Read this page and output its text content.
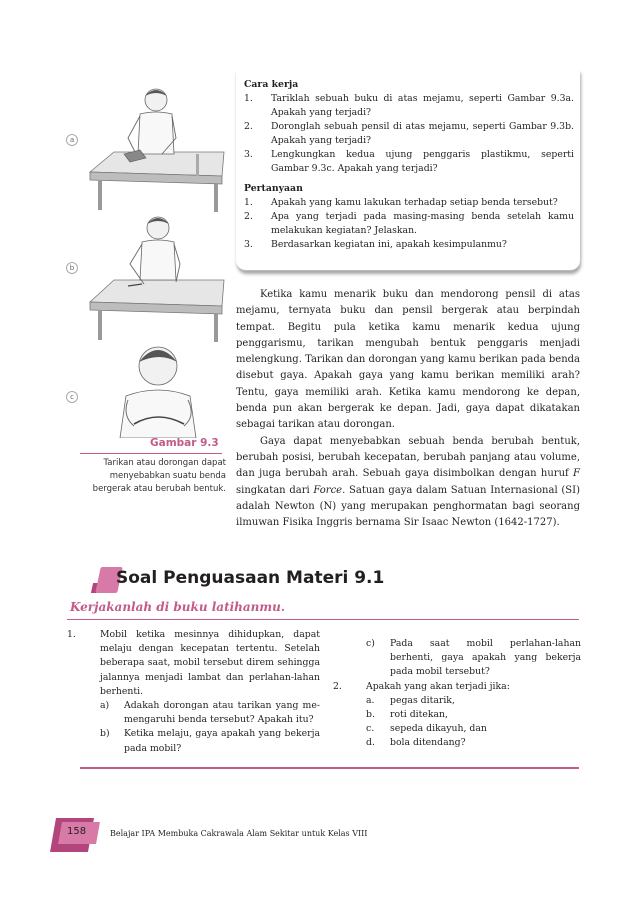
a
b
c
Gambar 9.3
Tarikan atau dorongan dapat menyebabkan suatu benda bergerak atau berubah bentuk.
Cara kerja
1.	Tariklah sebuah buku di atas mejamu, seperti Gambar 9.3a. Apakah yang terjadi?
2.	Doronglah sebuah pensil di atas mejamu, seperti Gambar 9.3b. Apakah yang terjadi?
3.	Lengkungkan kedua ujung penggaris plastikmu, seperti Gambar 9.3c. Apakah yang terjadi?
Pertanyaan
1.	Apakah yang kamu lakukan terhadap setiap benda tersebut?
2.	Apa yang terjadi pada masing-masing benda setelah kamu melakukan kegiatan? Jelaskan.
3.	Berdasarkan kegiatan ini, apakah kesimpulanmu?

Ketika kamu menarik buku dan mendorong pensil di atas mejamu, ternyata buku dan pensil bergerak atau berpindah tempat. Begitu pula ketika kamu menarik kedua ujung penggarismu, tarikan mengubah bentuk penggaris menjadi melengkung. Tarikan dan dorongan yang kamu berikan pada benda disebut gaya. Apakah gaya yang kamu berikan memiliki arah? Tentu, gaya memiliki arah. Ketika kamu mendorong ke depan, benda pun akan bergerak ke depan. Jadi, gaya dapat dikatakan sebagai tarikan atau dorongan.

Gaya dapat menyebabkan sebuah benda berubah bentuk, berubah posisi, berubah kecepatan, berubah panjang atau volume, dan juga berubah arah. Sebuah gaya disimbolkan dengan huruf F singkatan dari Force. Satuan gaya dalam Satuan Internasional (SI) adalah Newton (N) yang merupakan penghormatan bagi seorang ilmuwan Fisika Inggris bernama Sir Isaac Newton (1642-1727).

Soal Penguasaan Materi 9.1
Kerjakanlah di buku latihanmu.
1.	Mobil ketika mesinnya dihidupkan, dapat melaju dengan kecepatan tertentu. Setelah beberapa saat, mobil tersebut direm sehingga jalannya menjadi lambat dan perlahan-lahan berhenti.
a)	Adakah dorongan atau tarikan yang me-mengaruhi benda tersebut? Apakah itu?
b)	Ketika melaju, gaya apakah yang bekerja pada mobil?
c)	Pada saat mobil perlahan-lahan berhenti, gaya apakah yang bekerja pada mobil tersebut?
2.	Apakah yang akan terjadi jika:
a.	pegas ditarik,
b.	roti ditekan,
c.	sepeda dikayuh, dan
d.	bola ditendang?
158	Belajar IPA Membuka Cakrawala Alam Sekitar untuk Kelas VIII
